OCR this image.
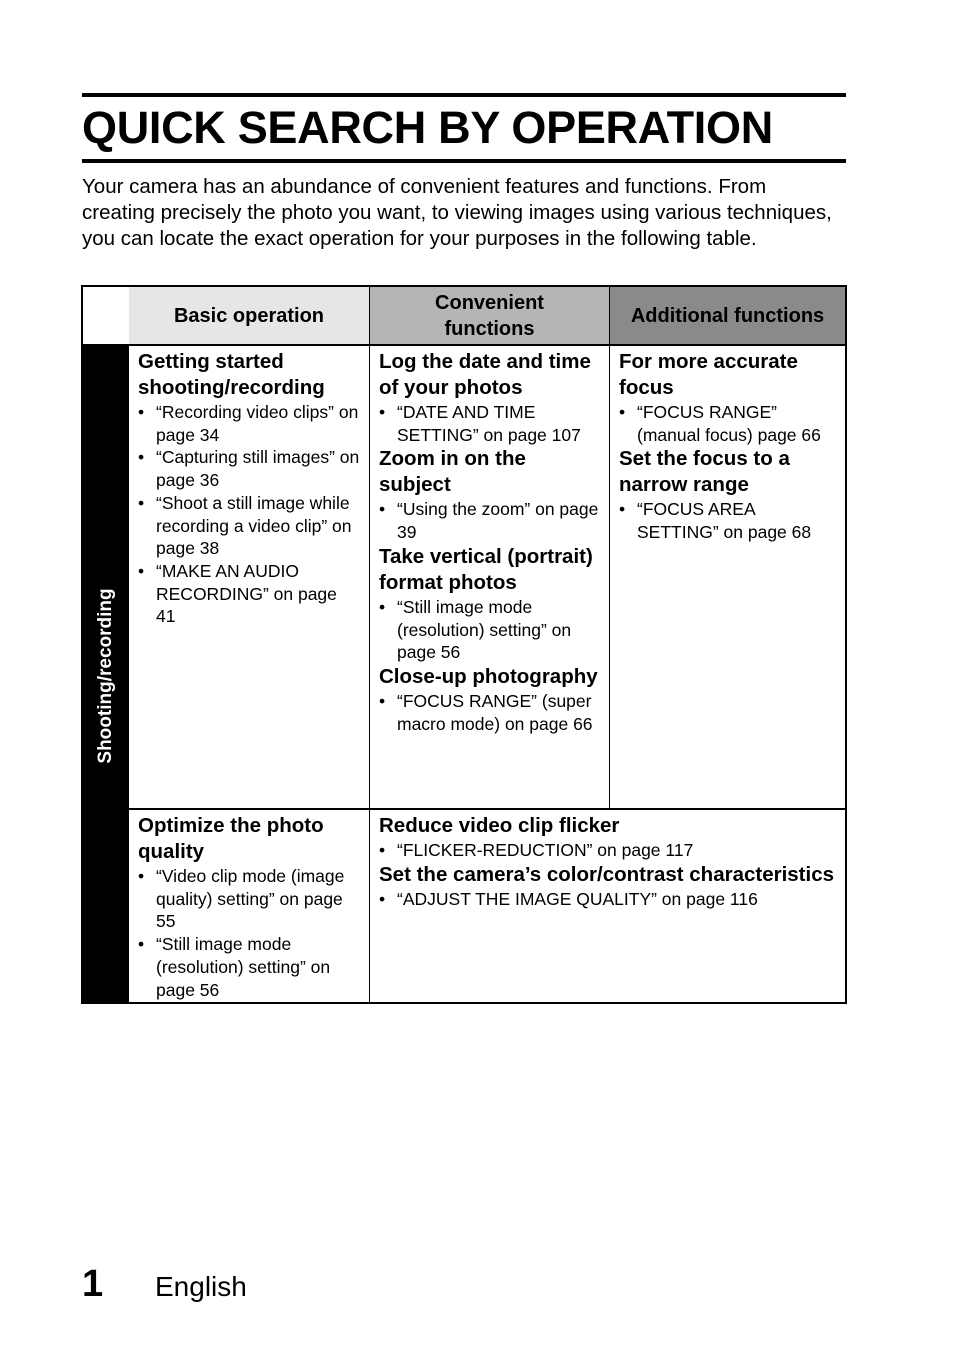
QUICK SEARCH BY OPERATION

Your camera has an abundance of convenient features and functions. From creating precisely the photo you want, to viewing images using various techniques, you can locate the exact operation for your purposes in the following table.

Basic operation
Convenient functions
Additional functions
Shooting/recording
Getting started shooting/recording
• “Recording video clips” on page 34
• “Capturing still images” on page 36
• “Shoot a still image while recording a video clip” on page 38
• “MAKE AN AUDIO RECORDING” on page 41
Log the date and time of your photos
• “DATE AND TIME SETTING” on page 107
Zoom in on the subject
• “Using the zoom” on page 39
Take vertical (portrait) format photos
• “Still image mode (resolution) setting” on page 56
Close-up photography
• “FOCUS RANGE” (super macro mode) on page 66
For more accurate focus
• “FOCUS RANGE” (manual focus) page 66
Set the focus to a narrow range
• “FOCUS AREA SETTING” on page 68
Optimize the photo quality
• “Video clip mode (image quality) setting” on page 55
• “Still image mode (resolution) setting” on page 56
Reduce video clip flicker
• “FLICKER-REDUCTION” on page 117
Set the camera’s color/contrast characteristics
• “ADJUST THE IMAGE QUALITY” on page 116
1 English
